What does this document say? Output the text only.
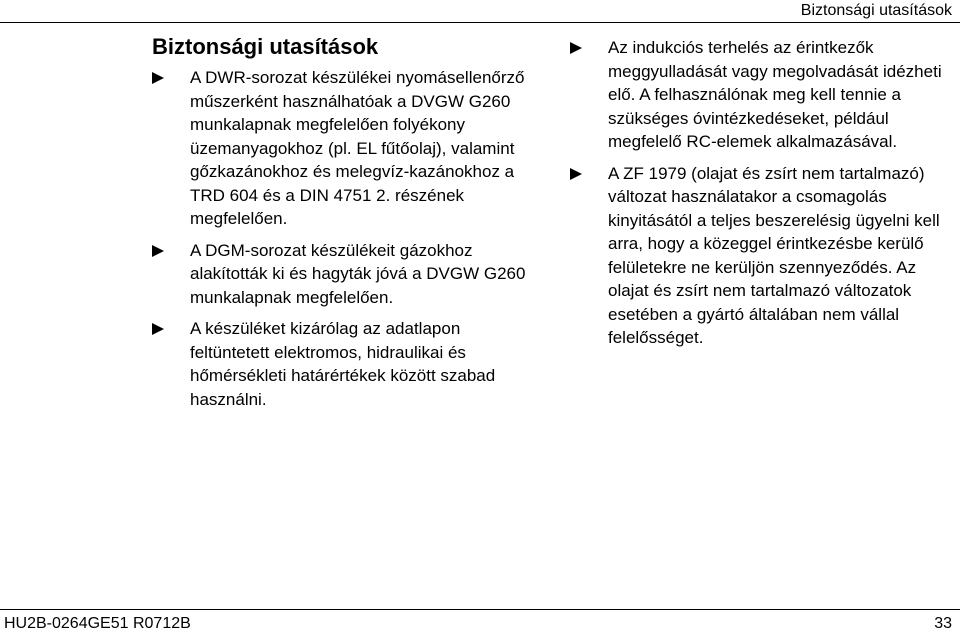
Biztonsági utasítások
Biztonsági utasítások
A DWR-sorozat készülékei nyomásellenőrző műszerként használhatóak a DVGW G260 munkalapnak megfelelően folyékony üzemanyagokhoz (pl. EL fűtőolaj), valamint gőzkazánokhoz és melegvíz-kazánokhoz a TRD 604 és a DIN 4751 2. részének megfelelően.
A DGM-sorozat készülékeit gázokhoz alakították ki és hagyták jóvá a DVGW G260 munkalapnak megfelelően.
A készüléket kizárólag az adatlapon feltüntetett elektromos, hidraulikai és hőmérsékleti határértékek között szabad használni.
Az indukciós terhelés az érintkezők meggyulladását vagy megolvadását idézheti elő. A felhasználónak meg kell tennie a szükséges óvintézkedéseket, például megfelelő RC-elemek alkalmazásával.
A ZF 1979 (olajat és zsírt nem tartalmazó) változat használatakor a csomagolás kinyitásától a teljes beszerelésig ügyelni kell arra, hogy a közeggel érintkezésbe kerülő felületekre ne kerüljön szennyeződés. Az olajat és zsírt nem tartalmazó változatok esetében a gyártó általában nem vállal felelősséget.
HU2B-0264GE51 R0712B	33
